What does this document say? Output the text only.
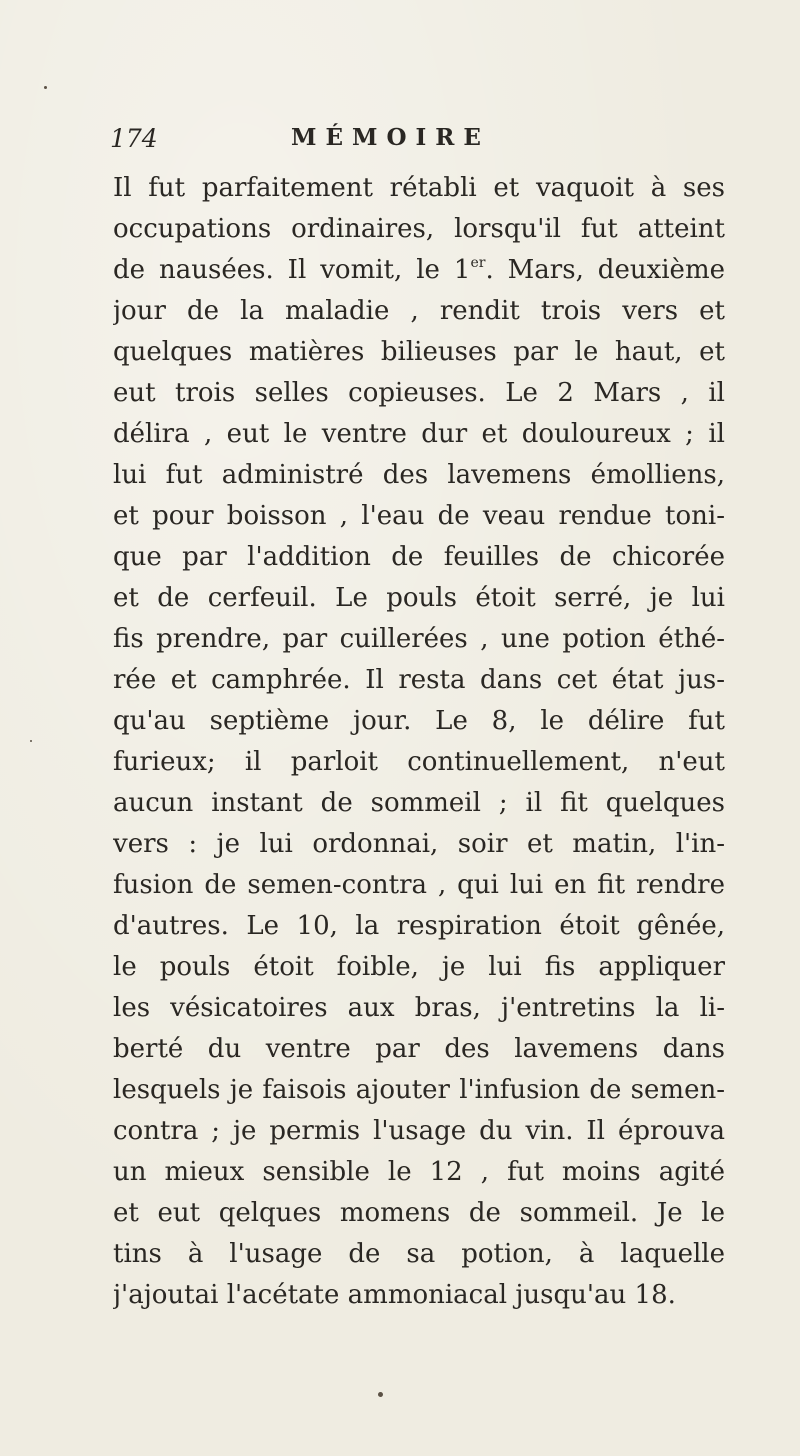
174	MÉMOIRE
Il fut parfaitement rétabli et vaquoit à ses
occupations ordinaires, lorsqu'il fut atteint
de nausées. Il vomit, le 1er. Mars, deuxième
jour de la maladie , rendit trois vers et
quelques matières bilieuses par le haut, et
eut trois selles copieuses. Le 2 Mars , il
délira , eut le ventre dur et douloureux ; il
lui fut administré des lavemens émolliens,
et pour boisson , l'eau de veau rendue toni-
que par l'addition de feuilles de chicorée
et de cerfeuil. Le pouls étoit serré, je lui
fis prendre, par cuillerées , une potion éthé-
rée et camphrée. Il resta dans cet état jus-
qu'au septième jour. Le 8, le délire fut
furieux; il parloit continuellement, n'eut
aucun instant de sommeil ; il fit quelques
vers : je lui ordonnai, soir et matin, l'in-
fusion de semen-contra , qui lui en fit rendre
d'autres. Le 10, la respiration étoit gênée,
le pouls étoit foible, je lui fis appliquer
les vésicatoires aux bras, j'entretins la li-
berté du ventre par des lavemens dans
lesquels je faisois ajouter l'infusion de semen-
contra ; je permis l'usage du vin. Il éprouva
un mieux sensible le 12 , fut moins agité
et eut qelques momens de sommeil. Je le
tins à l'usage de sa potion, à laquelle
j'ajoutai l'acétate ammoniacal jusqu'au 18.
